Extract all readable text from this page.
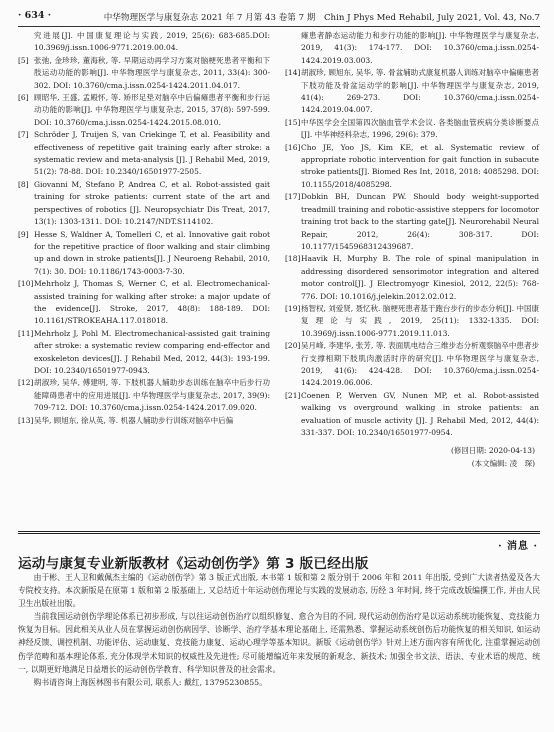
· 634 ·	中华物理医学与康复杂志 2021 年 7 月第 43 卷第 7 期　Chin J Phys Med Rehabil, July 2021, Vol. 43, No.7
究进展[J]. 中国康复理论与实践, 2019, 25(6): 683-685.DOI: 10.3969/j.issn.1006-9771.2019.00.04.
[5] 张弛, 金珍珍, 董海秋, 等. 早期运动再学习方案对脑梗死患者平衡和下肢运动功能的影响[J]. 中华物理医学与康复杂志, 2011, 33(4): 300-302. DOI: 10.3760/cma.j.issn.0254-1424.2011.04.017.
[6] 顾昭华, 王盛, 孟殿怀, 等. 矫形足垫对脑卒中后偏瘫患者平衡和步行运动功能的影响[J]. 中华物理医学与康复杂志, 2015, 37(8): 597-599. DOI: 10.3760/cma.j.issn.0254-1424.2015.08.010.
[7] Schröder J, Truijen S, van Criekinge T, et al. Feasibility and effectiveness of repetitive gait training early after stroke: a systematic review and meta-analysis [J]. J Rehabil Med, 2019, 51(2): 78-88. DOI: 10.2340/16501977-2505.
[8] Giovanni M, Stefano P, Andrea C, et al. Robot-assisted gait training for stroke patients: current state of the art and perspectives of robotics [J]. Neuropsychiatr Dis Treat, 2017, 13(1): 1303-1311. DOI: 10.2147/NDT.S114102.
[9] Hesse S, Waldner A, Tomelleri C, et al. Innovative gait robot for the repetitive practice of floor walking and stair climbing up and down in stroke patients[J]. J Neuroeng Rehabil, 2010, 7(1): 30. DOI: 10.1186/1743-0003-7-30.
[10] Mehrholz J, Thomas S, Werner C, et al. Electromechanical-assisted training for walking after stroke: a major update of the evidence[J]. Stroke, 2017, 48(8): 188-189. DOI: 10.1161/STROKEAHA.117.018018.
[11] Mehrholz J, Pohl M. Electromechanical-assisted gait training after stroke: a systematic review comparing end-effector and exoskeleton devices[J]. J Rehabil Med, 2012, 44(3): 193-199. DOI: 10.2340/16501977-0943.
[12] 胡淑珍, 吴华, 傅建明, 等. 下肢机器人辅助步态训练在脑卒中后步行功能障碍患者中的应用进展[J]. 中华物理医学与康复杂志, 2017, 39(9): 709-712. DOI: 10.3760/cma.j.issn.0254-1424.2017.09.020.
[13] 吴华, 顾旭东, 徐从英, 等. 机器人辅助步行训练对脑卒中后偏
瘫患者静态运动能力和步行功能的影响[J]. 中华物理医学与康复杂志, 2019, 41(3): 174-177. DOI: 10.3760/cma.j.issn.0254-1424.2019.03.003.
[14] 胡淑珍, 顾旭东, 吴华, 等. 骨盆辅助式康复机器人训练对脑卒中偏瘫患者下肢功能及骨盆运动学的影响[J]. 中华物理医学与康复杂志, 2019, 41(4): 269-273. DOI: 10.3760/cma.j.issn.0254-1424.2019.04.007.
[15] 中华医学会全国第四次脑血管学术会议. 各类脑血管疾病分类诊断要点[J]. 中华神经科杂志, 1996, 29(6): 379.
[16] Cho JE, Yoo JS, Kim KE, et al. Systematic review of appropriate robotic intervention for gait function in subacute stroke patients[J]. Biomed Res Int, 2018, 2018: 4085298. DOI: 10.1155/2018/4085298.
[17] Dobkin BH, Duncan PW. Should body weight-supported treadmill training and robotic-assistive steppers for locomotor training trot back to the starting gate[J]. Neurorehabil Neural Repair, 2012, 26(4): 308-317. DOI: 10.1177/1545968312439687.
[18] Haavik H, Murphy B. The role of spinal manipulation in addressing disordered sensorimotor integration and altered motor control[J]. J Electromyogr Kinesiol, 2012, 22(5): 768-776. DOI: 10.1016/j.jelekin.2012.02.012.
[19] 杨智权, 刘爱贤, 聂忆秋. 脑梗死患者基于跑台步行的步态分析[J]. 中国康复理论与实践, 2019, 25(11): 1332-1335. DOI: 10.3969/j.issn.1006-9771.2019.11.013.
[20] 吴月峰, 李建华, 张芳, 等. 表面肌电结合三维步态分析观察脑卒中患者步行支撑相期下肢肌肉激活时序的研究[J]. 中华物理医学与康复杂志, 2019, 41(6): 424-428. DOI: 10.3760/cma.j.issn.0254-1424.2019.06.006.
[21] Coenen P, Werven GV, Nunen MP, et al. Robot-assisted walking vs overground walking in stroke patients: an evaluation of muscle activity [J]. J Rehabil Med, 2012, 44(4): 331-337. DOI: 10.2340/16501977-0954.
(修回日期: 2020-04-13)
(本文编辑: 凌　琛)
· 消息 ·
运动与康复专业新版教材《运动创伤学》第 3 版已经出版

由于彬、王人卫和戴佩杰主编的《运动创伤学》第 3 版正式出版, 本书第 1 版和第 2 版分别于 2006 年和 2011 年出版, 受到广大读者热爱及各大专院校支持。本次新版是在原第 1 版和第 2 版基础上, 又总结近十年运动创伤理论与实践的发展动态, 历经 3 年时间, 终于完成改版编撰工作, 并由人民卫生出版社出版。

当前我国运动创伤学理论体系已初步形成, 与以往运动创伤治疗以组织修复、愈合为目的不同, 现代运动创伤治疗是以运动系统功能恢复、竞技能力恢复为目标。因此相关从业人员在掌握运动创伤病因学、诊断学、治疗学基本理论基础上, 还需熟悉、掌握运动系统创伤后功能恢复的相关知识, 如运动神经反馈、调控机制、功能评估、运动康复、竞技能力康复、运动心理学等基本知识。新版《运动创伤学》针对上述方面内容有所优化, 注重掌握运动创伤学范畴和基本理论体系, 充分体现学术知识的权威性及先进性; 尽可能增编近年来发展的新观念、新技术; 加强全书文法、语法、专业术语的规范、统一, 以期更好地满足日益增长的运动创伤学教育、科学知识普及的社会需求。

购书请咨询上海医林图书有限公司, 联系人: 戴红, 13795230855。
